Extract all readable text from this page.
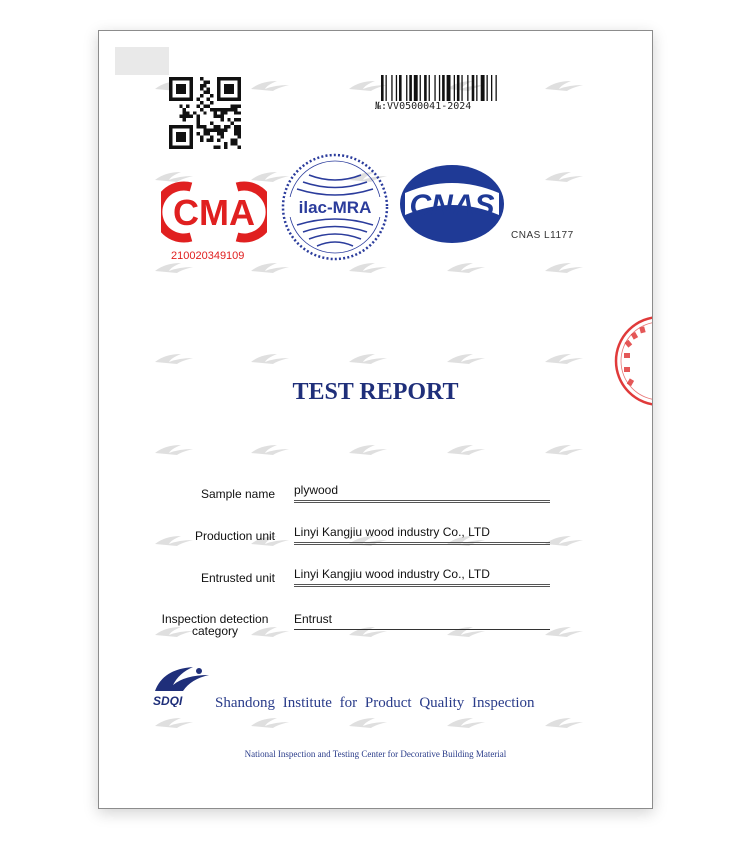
№:VV0500041-2024
CMA
210020349109
ilac-MRA CNAS
CNAS L1177
TEST REPORT
Sample name plywood
Production unit Linyi Kangjiu wood industry Co., LTD
Entrusted unit Linyi Kangjiu wood industry Co., LTD
Inspection detection category
Entrust
SDQI Shandong Institute for Product Quality Inspection
National Inspection and Testing Center for Decorative Building Material
